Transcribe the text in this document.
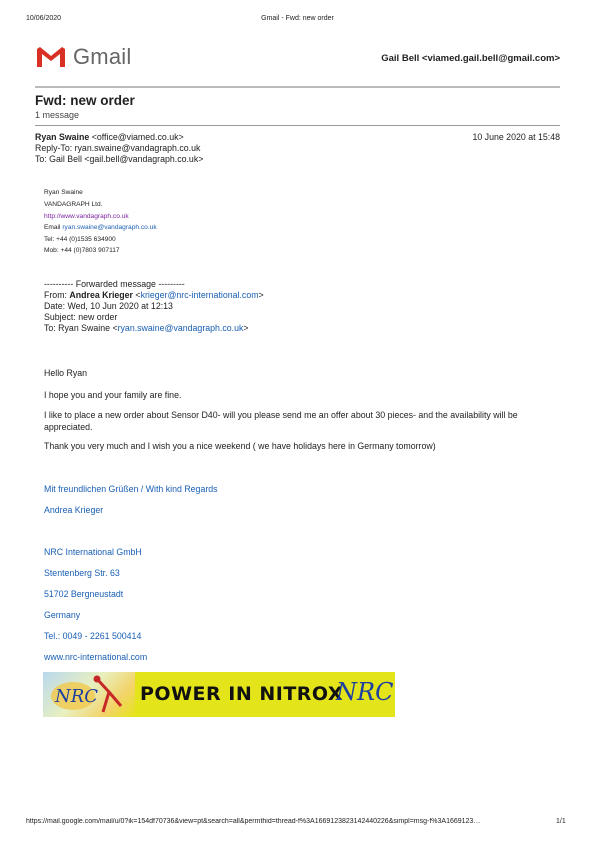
10/06/2020	Gmail - Fwd: new order
Gmail	Gail Bell <viamed.gail.bell@gmail.com>
Fwd: new order
1 message
Ryan Swaine <office@viamed.co.uk>	10 June 2020 at 15:48
Reply-To: ryan.swaine@vandagraph.co.uk
To: Gail Bell <gail.bell@vandagraph.co.uk>
Ryan Swaine
VANDAGRAPH Ltd.
http://www.vandagraph.co.uk
Email ryan.swaine@vandagraph.co.uk
Tel: +44 (0)1535 634900
Mob: +44 (0)7803 907117
---------- Forwarded message ---------
From: Andrea Krieger <krieger@nrc-international.com>
Date: Wed, 10 Jun 2020 at 12:13
Subject: new order
To: Ryan Swaine <ryan.swaine@vandagraph.co.uk>
Hello Ryan
I hope you and your family are fine.
I like to place a new order about Sensor D40- will you please send me an offer about 30 pieces- and the availability will be appreciated.
Thank you very much and I wish you a nice weekend ( we have holidays here in Germany tomorrow)
Mit freundlichen Grüßen / With kind Regards
Andrea Krieger
NRC International GmbH
Stentenberg Str. 63
51702 Bergneustadt
Germany
Tel.: 0049 - 2261 500414
www.nrc-international.com
NRC POWER IN NITROX
NRC
https://mail.google.com/mail/u/0?ik=154df70736&view=pt&search=all&permthid=thread-f%3A1669123823142440226&simpl=msg-f%3A1669123…	1/1
